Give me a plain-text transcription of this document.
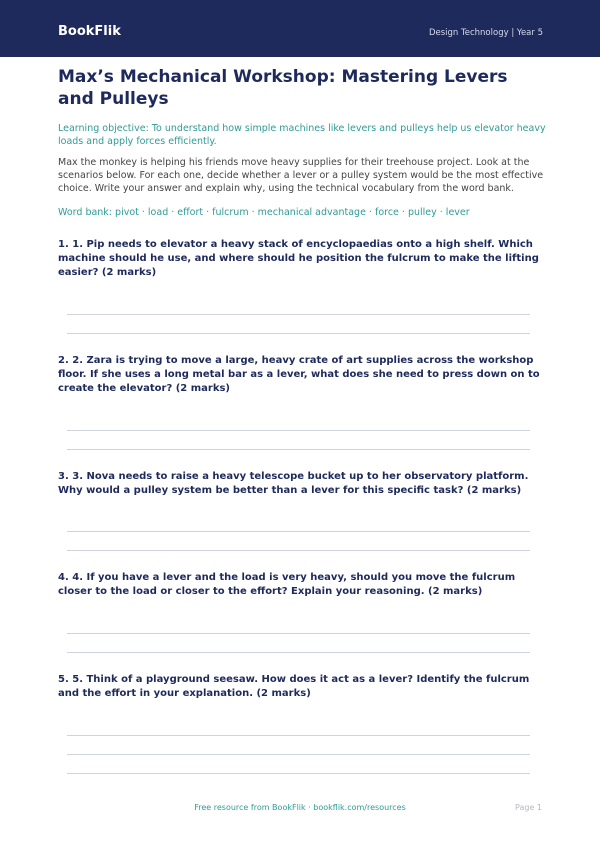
BookFlik	Design Technology | Year 5
Max’s Mechanical Workshop: Mastering Levers and Pulleys
Learning objective: To understand how simple machines like levers and pulleys help us elevator heavy loads and apply forces efficiently.
Max the monkey is helping his friends move heavy supplies for their treehouse project. Look at the scenarios below. For each one, decide whether a lever or a pulley system would be the most effective choice. Write your answer and explain why, using the technical vocabulary from the word bank.
Word bank: pivot · load · effort · fulcrum · mechanical advantage · force · pulley · lever
1. 1. Pip needs to elevator a heavy stack of encyclopaedias onto a high shelf. Which machine should he use, and where should he position the fulcrum to make the lifting easier? (2 marks)
2. 2. Zara is trying to move a large, heavy crate of art supplies across the workshop floor. If she uses a long metal bar as a lever, what does she need to press down on to create the elevator? (2 marks)
3. 3. Nova needs to raise a heavy telescope bucket up to her observatory platform. Why would a pulley system be better than a lever for this specific task? (2 marks)
4. 4. If you have a lever and the load is very heavy, should you move the fulcrum closer to the load or closer to the effort? Explain your reasoning. (2 marks)
5. 5. Think of a playground seesaw. How does it act as a lever? Identify the fulcrum and the effort in your explanation. (2 marks)
Free resource from BookFlik · bookflik.com/resources	Page 1
